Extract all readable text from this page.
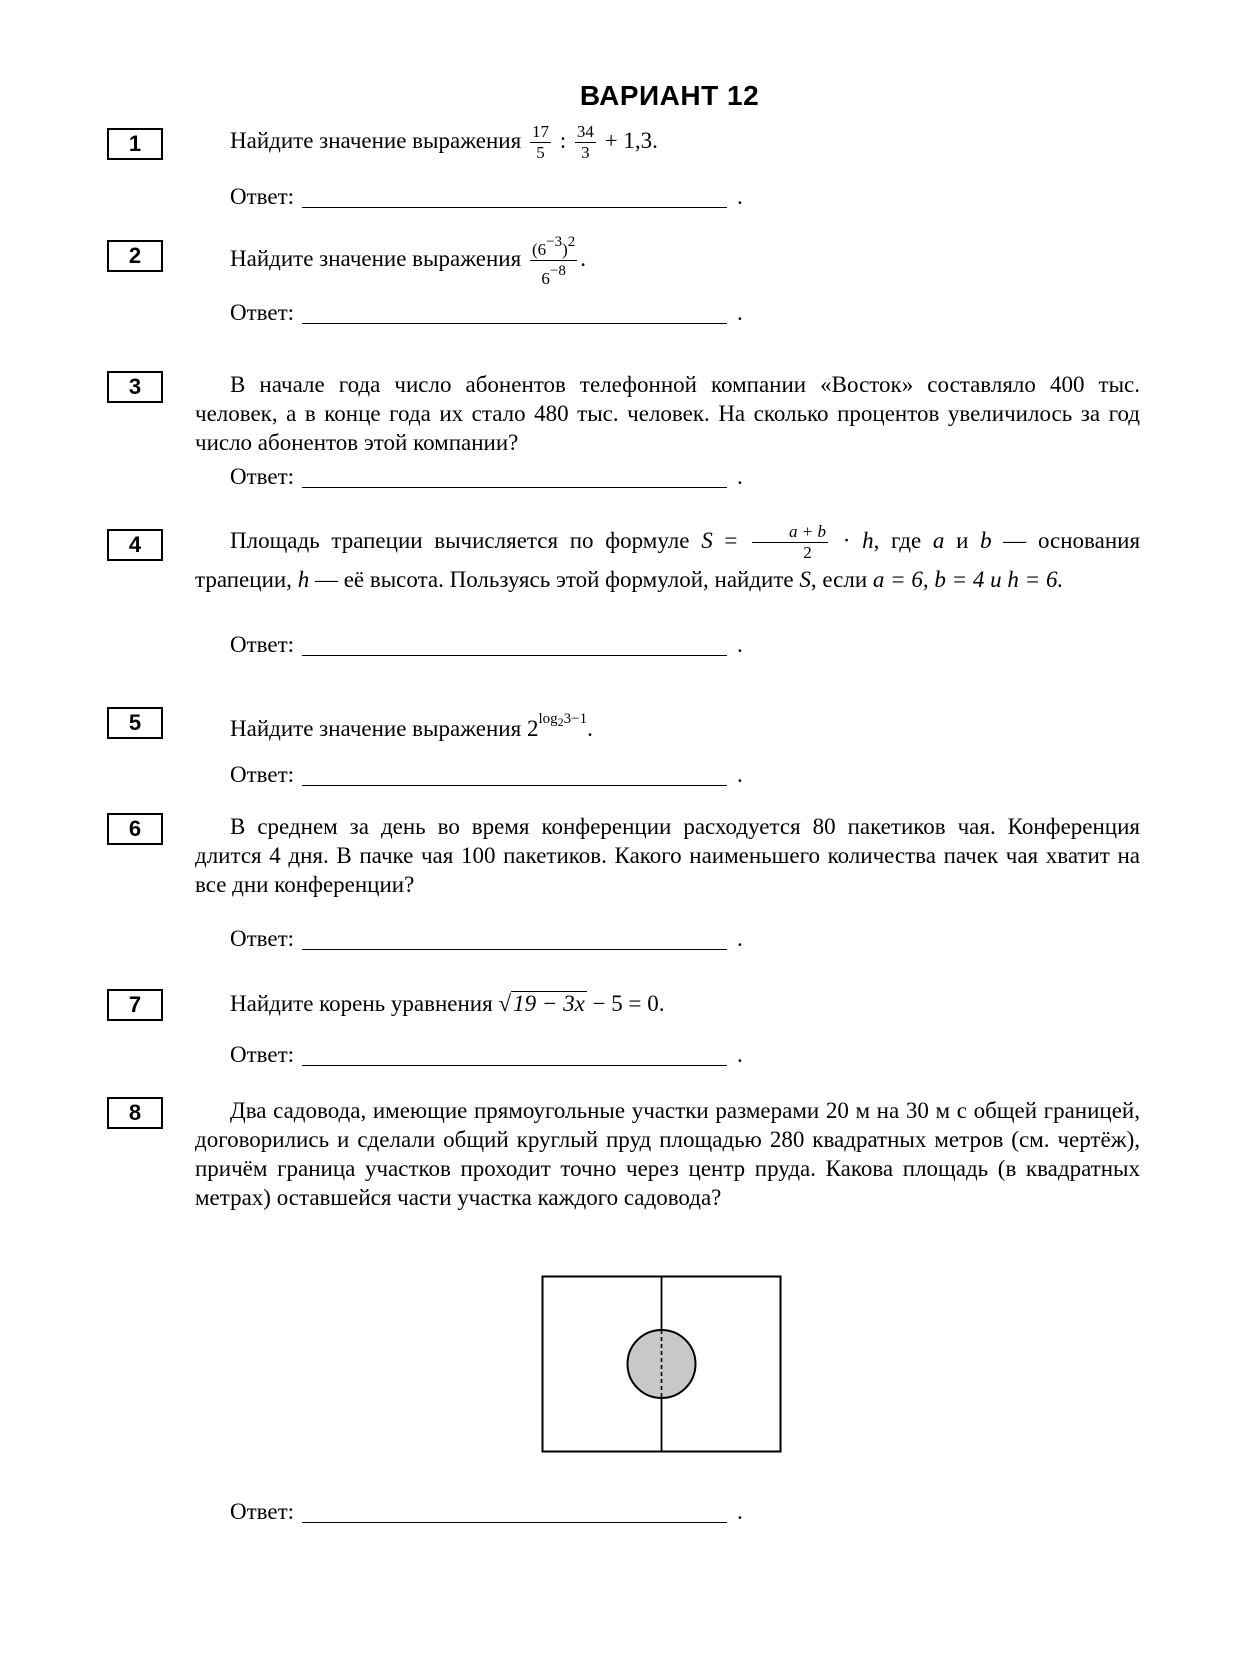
ВАРИАНТ 12
1	Найдите значение выражения $\frac{17}{5}$ : $\frac{34}{3} + 1,3$.
Ответ:	.
2	Найдите значение выражения $\frac{(6-3)2}{6-8}$ .
Ответ:	.
3	В начале года число абонентов телефонной компании «Восток» составляло 400 тыс. человек, а в конце года их стало 480 тыс. человек. На сколько процентов увеличилось за год число абонентов этой компании?
Ответ:	.
4	Площадь трапеции вычисляется по формуле $S = \frac{a + b}{2} \cdot h$, где a и b — основания трапеции, h — её высота. Пользуясь этой формулой, найдите S, если a = 6, b = 4 и h = 6.
Ответ:	.
5	Найдите значение выражения $2^{log_23-1}$.
Ответ:	.
6	В среднем за день во время конференции расходуется 80 пакетиков чая. Конференция длится 4 дня. В пачке чая 100 пакетиков. Какого наименьшего количества пачек чая хватит на все дни конференции?
Ответ:	.
7	Найдите корень уравнения √19 − 3x − 5 = 0.
Ответ:	.
8	Два садовода, имеющие прямоугольные участки размерами 20 м на 30 м с общей границей, договорились и сделали общий круглый пруд площадью 280 квадратных метров (см. чертёж), причём граница участков проходит точно через центр пруда. Какова площадь (в квадратных метрах) оставшейся части участка каждого садовода?
Ответ:	.
